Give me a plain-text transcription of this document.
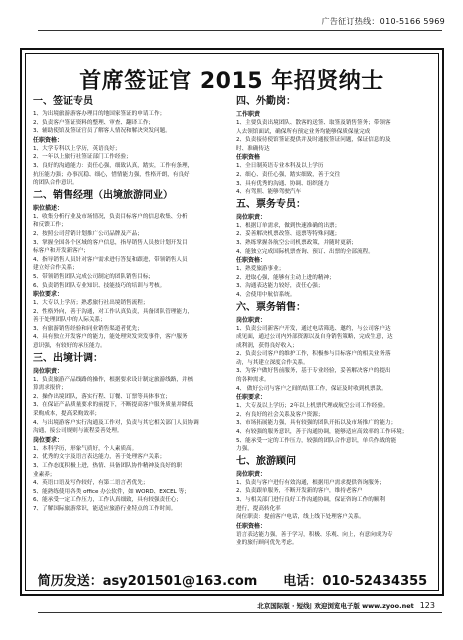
广告征订热线：010-5166 5969
首席签证官 2015 年招贤纳士
一、签证专员
1、为出境旅游游客办理目的地国家签证的申请工作；
2、负责客户签证资料的整理、审查、翻译工作；
3、辅助使馆及签证官员了解客人情况和解决突发问题。
任职资格：
1、大学专科以上学历，英语良好；
2、一年以上旅行社签证部门工作经验；
3、良好的沟通能力：责任心强，细致认真，踏实，工作有条理，
抗压能力强；办事沉稳、细心，惜情能力强，性格开朗，有良好
的团队合作意识。
二、销售经理（出境旅游同业）
职位描述：
1、收集分析行业及市场情况，负责目标客户的信息收集、分析
和反馈工作；
2、按照公司营销计划推广公司品牌及产品；
3、掌握全国各个区域的客户信息，指导销售人员按计划开发目
标客户和开发新客户；
4、指导销售人员针对客户需求进行答复和跟进，带领销售人员
建立好合作关系；
5、带领销售团队完成公司制定的团队销售目标；
6、负责销售团队专业知识、技能技巧的培训与考核。
职位要求：
1、大专以上学历；熟悉旅行社出境销售流程；
2、性格外向，善于沟通，对工作认真负责，具备团队管理能力，
善于处理团队中的人际关系；
3、有旅游销售经验和同业销售渠道者优先；
4、具有独立开发客户的能力，能处理突发突发事件，客户服务
意识强，有较好的承压能力。
三、出境计调：
岗位职责：
1、负责旅游产品线路的操作，根据要求设计制定旅游线路，并核
算需求报价；
2、操作出境团队，落实行程、订餐、订票等具体事宜；
3、在保证产品质量要求的前提下，不断提高客户服务质量并降低
采购成本，提高采购效率；
4、与出境游客户实行沟通及工作对，负责与其它相关部门人员协调
沟通，接公司规则与流程妥善处理。
岗位要求：
1、本科学历，形象气质好，个人素质高。
2、优秀的文字及语言表达能力，善于处理客户关系；
3、工作态度积极上进，热情、具备团队协作精神及良好的职
业素养；
4、英语口语及写作较好，有第二语言者优先；
5、能熟练使用各类 office 办公软件，如 WORD、EXCEL 等；
6、能承受一定工作压力，工作认真细致，具有较强责任心；
7、了解国际旅游常识，能适应旅游行业特点的工作时间。
四、外勤岗：
工作职责
1、主要负责出境团队、散客的送签、取签及销售签务；带领客
人去领馆面试，确保所有预定业务均能够保质保量完成
2、负责接待使馆签证提供并及时通报签证问题，保证信息的及
时、准确传达
任职资格
1、全日制英语专业本科及以上学历
2、细心、责任心强，踏实细致，善于交往
3、具有优秀的沟通、协调、组织能力
4、有驾照、能够驾驶汽车
五、票务专员：
岗位职责：
1、根据订单需求，做到快速准确的出票；
2、妥善解决机票改签、退票等特殊问题；
3、熟练掌握各航空公司机票政策，并随时更新；
4、能独立完成国际机票查询、预订、出票的全部流程。
任职资格：
1、熟爱旅游事业；
2、进取心强，能够有主动上进的精神；
3、沟通表达能力较好，责任心强；
4、会使用中航信系统。
六、票务销售：
岗位职责：
1、负责公司新客户开发，通过电话筛选、邀约，与公司客户达
成见面，通过公司内外部资源以及自身销售策略，完成生意，达
成利润，获得良好收入；
2、负责公司客户的维护工作，积极参与目标客户的相关业务落
动，与其建立深度合作关系。
3、为客户做好售前服务，基于专业经验，妥善解决客户的提出
的各种需求。
4、 做好公司与客户之间的结算工作，保证及时收到机票款。
任职要求：
1、大专及以上学历；2年以上机票代理或航空公司工作经验。
2、有良好的社会关系及客户资源；
3、市场拓展能力强，具有较强的团队开拓以及市场推广的能力；
4、有较强的服务意识，善于沟通协调，能够适应高效率的工作环境；
5、能承受一定的工作压力，较强的团队合作意识，单兵作战的能
力强。
七、旅游顾问
岗位职责：
1、负责与客户进行有效沟通，根据用户需求提供咨询服务；
2、负责跟单服务，不断开发新的客户，维持老客户
3、与相关部门进行良好工作沟通协调，保证咨询工作的顺利
进行，提高转化率
岗位职责：提前客户电话，线上线下处理客户关系。
任职资格：
语言表达能力强，善于学习，积极、乐观、向上，有意向成为专
业的旅行顾问优先考虑。
简历发送：asy201501@163.com 电话：010-52434355
北京国际版 · 短线| 欢迎浏览电子版 www.zyoo.net 123
